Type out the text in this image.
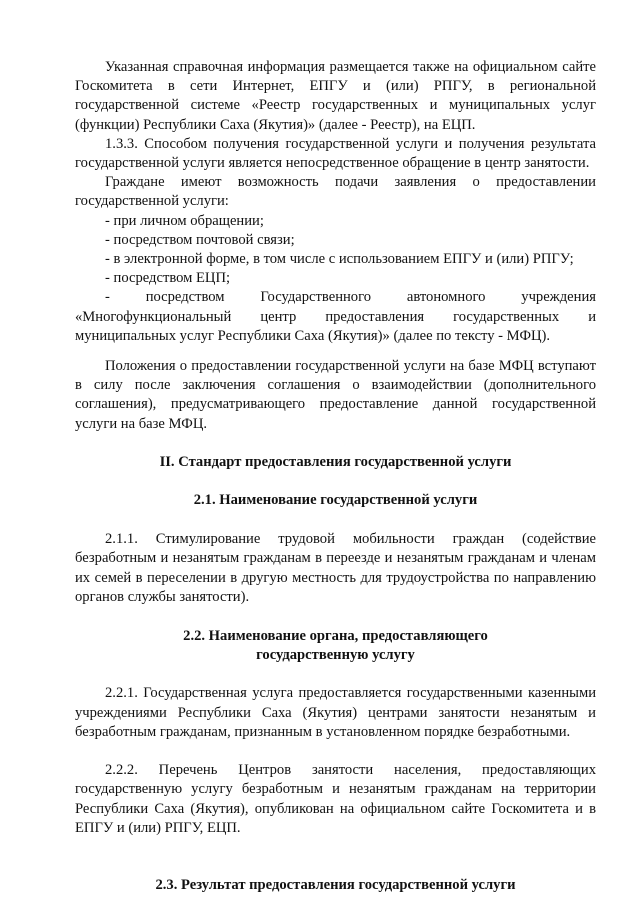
Указанная справочная информация размещается также на официальном сайте Госкомитета в сети Интернет, ЕПГУ и (или) РПГУ, в региональной государственной системе «Реестр государственных и муниципальных услуг (функции) Республики Саха (Якутия)» (далее - Реестр), на ЕЦП.

1.3.3. Способом получения государственной услуги и получения результата государственной услуги является непосредственное обращение в центр занятости.

Граждане имеют возможность подачи заявления о предоставлении государственной услуги:

- при личном обращении;

- посредством почтовой связи;

- в электронной форме, в том числе с использованием ЕПГУ и (или) РПГУ;

- посредством ЕЦП;

- посредством Государственного автономного учреждения «Многофункциональный центр предоставления государственных и муниципальных услуг Республики Саха (Якутия)» (далее по тексту - МФЦ).

Положения о предоставлении государственной услуги на базе МФЦ вступают в силу после заключения соглашения о взаимодействии (дополнительного соглашения), предусматривающего предоставление данной государственной услуги на базе МФЦ.

II. Стандарт предоставления государственной услуги

2.1. Наименование государственной услуги

2.1.1. Стимулирование трудовой мобильности граждан (содействие безработным и незанятым гражданам в переезде и незанятым гражданам и членам их семей в переселении в другую местность для трудоустройства по направлению органов службы занятости).

2.2. Наименование органа, предоставляющего

государственную услугу

2.2.1. Государственная услуга предоставляется государственными казенными учреждениями Республики Саха (Якутия) центрами занятости незанятым и безработным гражданам, признанным в установленном порядке безработными.

2.2.2. Перечень Центров занятости населения, предоставляющих государственную услугу безработным и незанятым гражданам на территории Республики Саха (Якутия), опубликован на официальном сайте Госкомитета и в ЕПГУ и (или) РПГУ, ЕЦП.

2.3. Результат предоставления государственной услуги
